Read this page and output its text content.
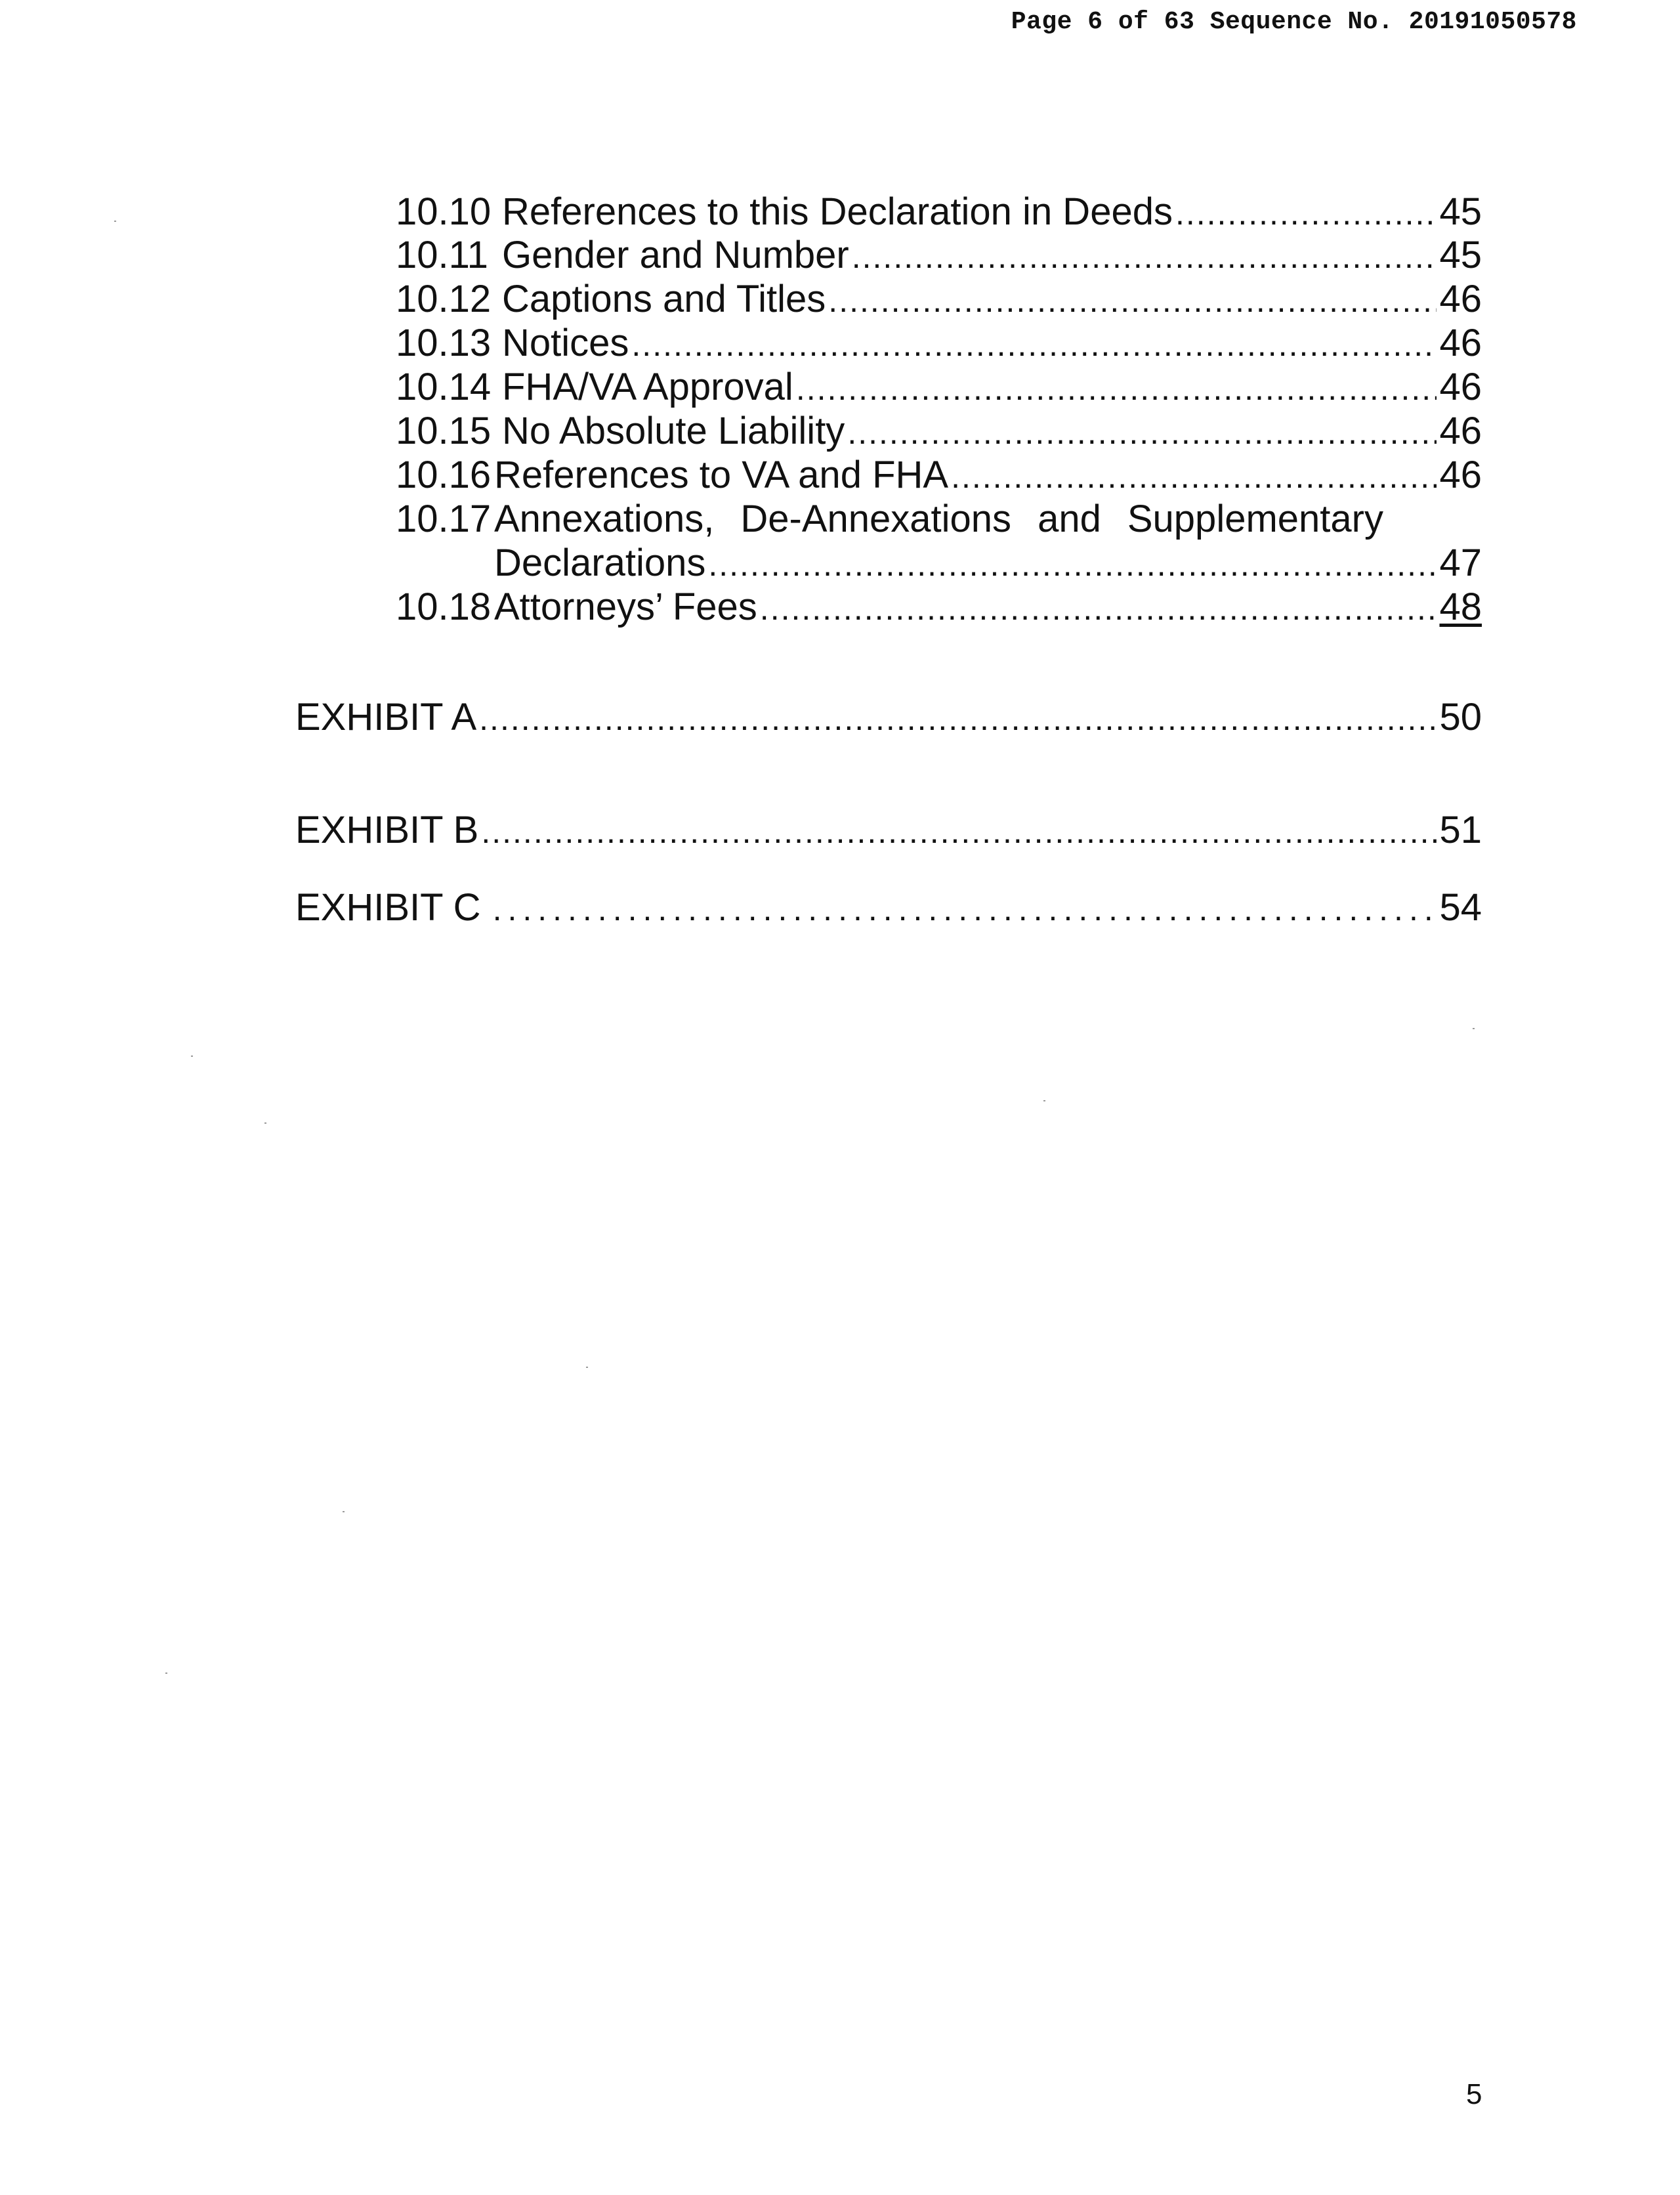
Page 6 of 63 Sequence No. 20191050578
10.10 References to this Declaration in Deeds .....	45
10.11 Gender and Number .....	45
10.12 Captions and Titles .....	46
10.13 Notices .....	46
10.14 FHA/VA Approval .....	46
10.15 No Absolute Liability .....	46
10.16 References to VA and FHA .....	46
10.17 Annexations, De-Annexations and Supplementary
Declarations .....	47
10.18 Attorneys’ Fees .....	48
EXHIBIT A .....	50
EXHIBIT B .....	51
EXHIBIT C .....	54
5
